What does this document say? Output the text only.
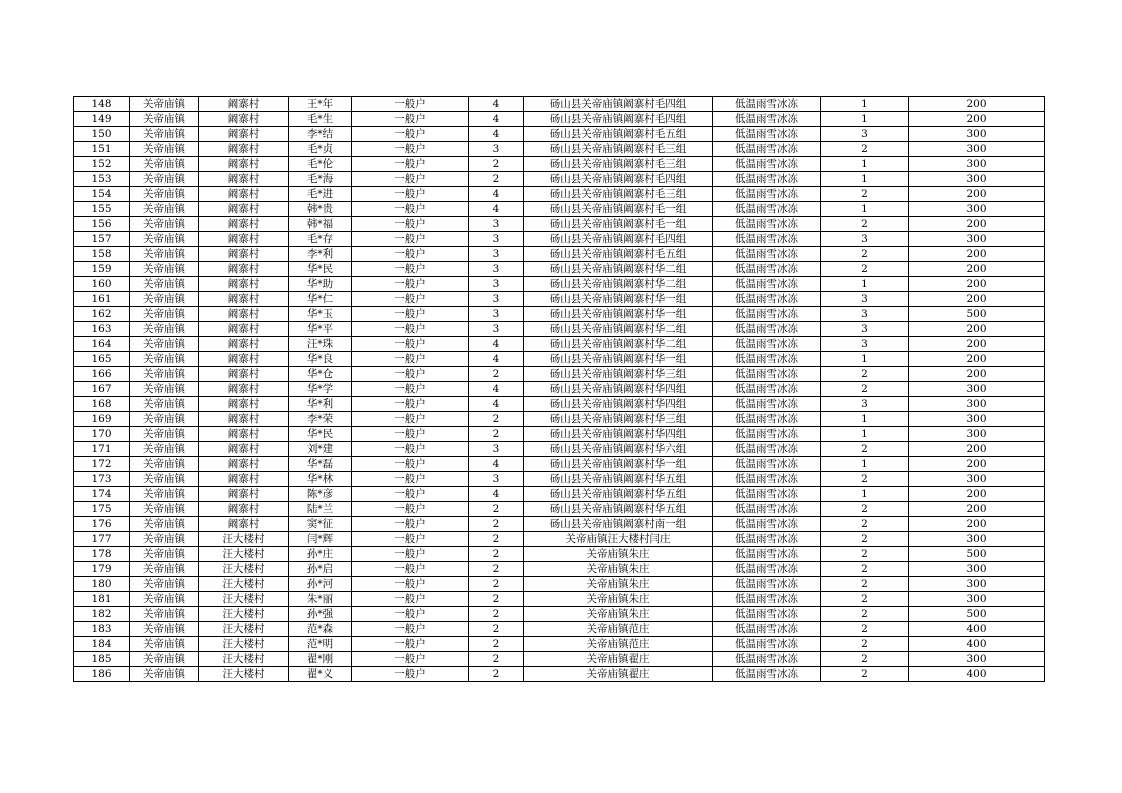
148	关帝庙镇	阚寨村	王*年	一般户	4	砀山县关帝庙镇阚寨村毛四组	低温雨雪冰冻	1	200
149	关帝庙镇	阚寨村	毛*生	一般户	4	砀山县关帝庙镇阚寨村毛四组	低温雨雪冰冻	1	200
150	关帝庙镇	阚寨村	李*结	一般户	4	砀山县关帝庙镇阚寨村毛五组	低温雨雪冰冻	3	300
151	关帝庙镇	阚寨村	毛*贞	一般户	3	砀山县关帝庙镇阚寨村毛三组	低温雨雪冰冻	2	300
152	关帝庙镇	阚寨村	毛*伦	一般户	2	砀山县关帝庙镇阚寨村毛三组	低温雨雪冰冻	1	300
153	关帝庙镇	阚寨村	毛*海	一般户	2	砀山县关帝庙镇阚寨村毛四组	低温雨雪冰冻	1	300
154	关帝庙镇	阚寨村	毛*进	一般户	4	砀山县关帝庙镇阚寨村毛三组	低温雨雪冰冻	2	200
155	关帝庙镇	阚寨村	韩*贵	一般户	4	砀山县关帝庙镇阚寨村毛一组	低温雨雪冰冻	1	300
156	关帝庙镇	阚寨村	韩*福	一般户	3	砀山县关帝庙镇阚寨村毛一组	低温雨雪冰冻	2	200
157	关帝庙镇	阚寨村	毛*存	一般户	3	砀山县关帝庙镇阚寨村毛四组	低温雨雪冰冻	3	300
158	关帝庙镇	阚寨村	李*利	一般户	3	砀山县关帝庙镇阚寨村毛五组	低温雨雪冰冻	2	200
159	关帝庙镇	阚寨村	华*民	一般户	3	砀山县关帝庙镇阚寨村华二组	低温雨雪冰冻	2	200
160	关帝庙镇	阚寨村	华*助	一般户	3	砀山县关帝庙镇阚寨村华二组	低温雨雪冰冻	1	200
161	关帝庙镇	阚寨村	华*仁	一般户	3	砀山县关帝庙镇阚寨村华一组	低温雨雪冰冻	3	200
162	关帝庙镇	阚寨村	华*玉	一般户	3	砀山县关帝庙镇阚寨村华一组	低温雨雪冰冻	3	500
163	关帝庙镇	阚寨村	华*平	一般户	3	砀山县关帝庙镇阚寨村华二组	低温雨雪冰冻	3	200
164	关帝庙镇	阚寨村	汪*珠	一般户	4	砀山县关帝庙镇阚寨村华二组	低温雨雪冰冻	3	200
165	关帝庙镇	阚寨村	华*良	一般户	4	砀山县关帝庙镇阚寨村华一组	低温雨雪冰冻	1	200
166	关帝庙镇	阚寨村	华*仓	一般户	2	砀山县关帝庙镇阚寨村华三组	低温雨雪冰冻	2	200
167	关帝庙镇	阚寨村	华*学	一般户	4	砀山县关帝庙镇阚寨村华四组	低温雨雪冰冻	2	300
168	关帝庙镇	阚寨村	华*利	一般户	4	砀山县关帝庙镇阚寨村华四组	低温雨雪冰冻	3	300
169	关帝庙镇	阚寨村	李*荣	一般户	2	砀山县关帝庙镇阚寨村华三组	低温雨雪冰冻	1	300
170	关帝庙镇	阚寨村	华*民	一般户	2	砀山县关帝庙镇阚寨村华四组	低温雨雪冰冻	1	300
171	关帝庙镇	阚寨村	刘*建	一般户	3	砀山县关帝庙镇阚寨村华六组	低温雨雪冰冻	2	200
172	关帝庙镇	阚寨村	华*磊	一般户	4	砀山县关帝庙镇阚寨村华一组	低温雨雪冰冻	1	200
173	关帝庙镇	阚寨村	华*林	一般户	3	砀山县关帝庙镇阚寨村华五组	低温雨雪冰冻	2	300
174	关帝庙镇	阚寨村	陈*彦	一般户	4	砀山县关帝庙镇阚寨村华五组	低温雨雪冰冻	1	200
175	关帝庙镇	阚寨村	陆*兰	一般户	2	砀山县关帝庙镇阚寨村华五组	低温雨雪冰冻	2	200
176	关帝庙镇	阚寨村	窦*征	一般户	2	砀山县关帝庙镇阚寨村南一组	低温雨雪冰冻	2	200
177	关帝庙镇	汪大楼村	闫*辉	一般户	2	关帝庙镇汪大楼村闫庄	低温雨雪冰冻	2	300
178	关帝庙镇	汪大楼村	孙*庄	一般户	2	关帝庙镇朱庄	低温雨雪冰冻	2	500
179	关帝庙镇	汪大楼村	孙*启	一般户	2	关帝庙镇朱庄	低温雨雪冰冻	2	300
180	关帝庙镇	汪大楼村	孙*河	一般户	2	关帝庙镇朱庄	低温雨雪冰冻	2	300
181	关帝庙镇	汪大楼村	朱*丽	一般户	2	关帝庙镇朱庄	低温雨雪冰冻	2	300
182	关帝庙镇	汪大楼村	孙*强	一般户	2	关帝庙镇朱庄	低温雨雪冰冻	2	500
183	关帝庙镇	汪大楼村	范*森	一般户	2	关帝庙镇范庄	低温雨雪冰冻	2	400
184	关帝庙镇	汪大楼村	范*明	一般户	2	关帝庙镇范庄	低温雨雪冰冻	2	400
185	关帝庙镇	汪大楼村	翟*刚	一般户	2	关帝庙镇翟庄	低温雨雪冰冻	2	300
186	关帝庙镇	汪大楼村	翟*义	一般户	2	关帝庙镇翟庄	低温雨雪冰冻	2	400
